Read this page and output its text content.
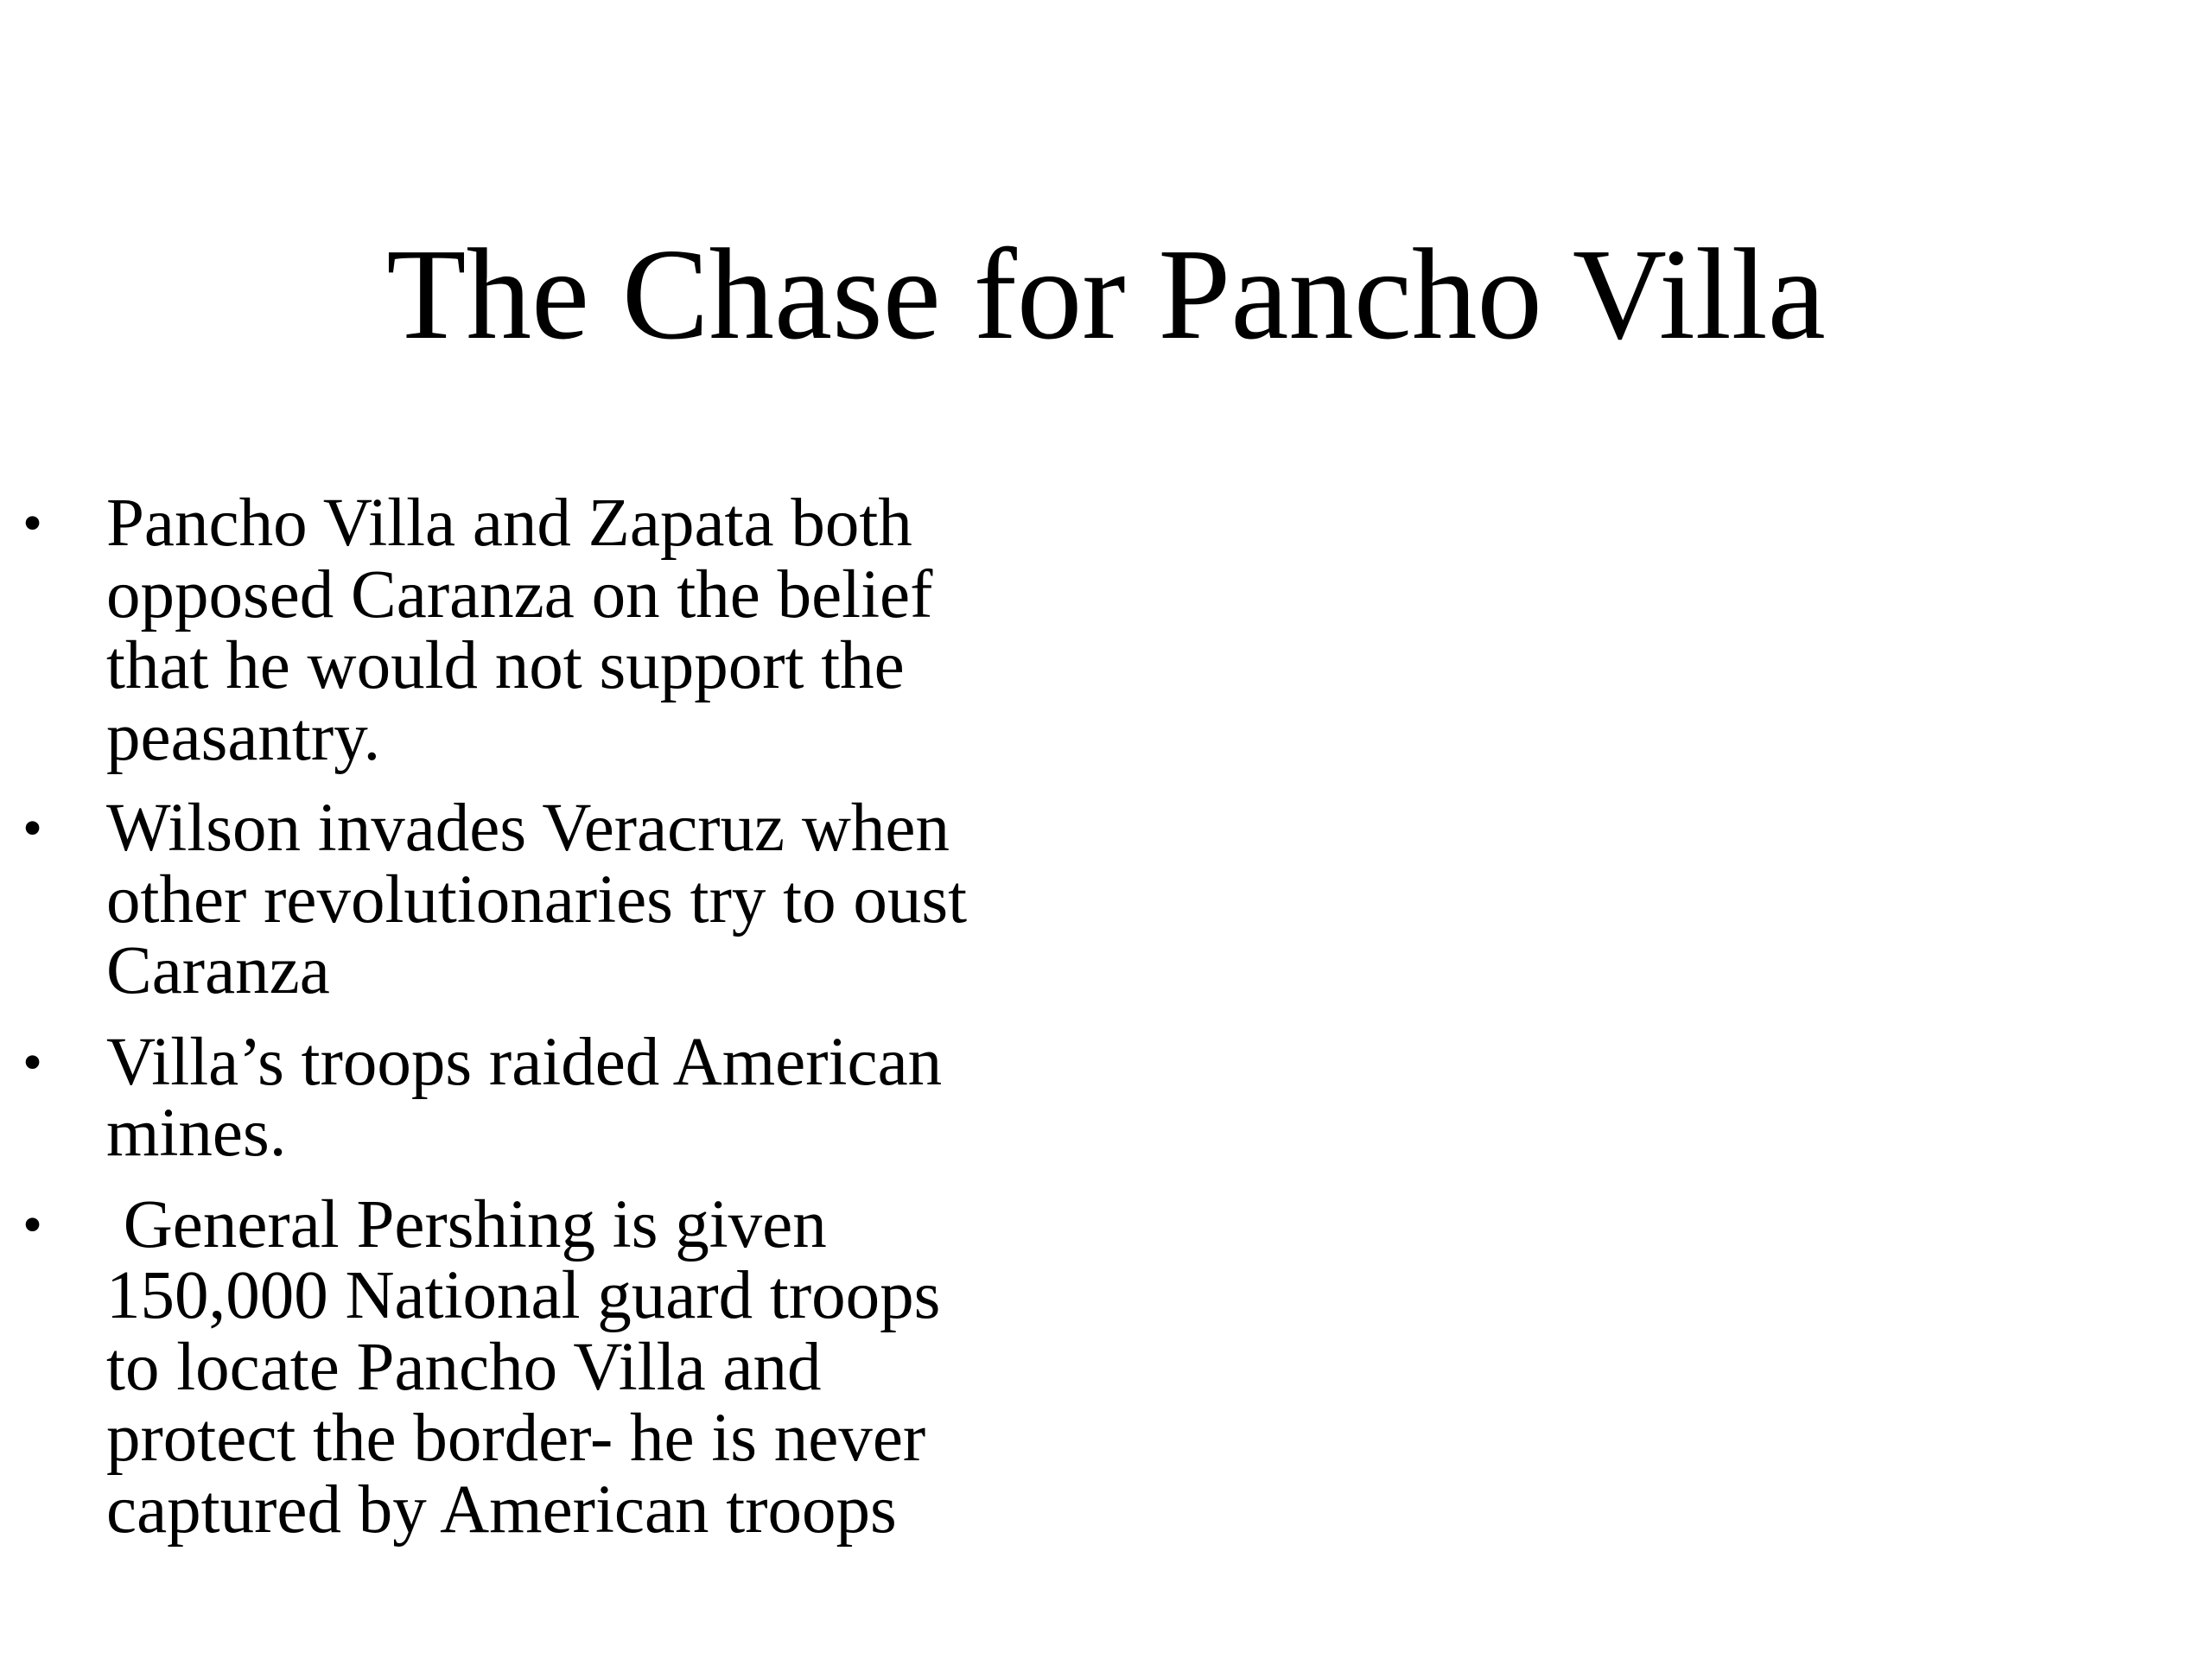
The Chase for Pancho Villa
• Pancho Villa and Zapata both
opposed Caranza on the belief
that he would not support the
peasantry.
• Wilson invades Veracruz when
other revolutionaries try to oust
Caranza
• Villa’s troops raided American
mines.
• General Pershing is given
150,000 National guard troops
to locate Pancho Villa and
protect the border- he is never
captured by American troops
